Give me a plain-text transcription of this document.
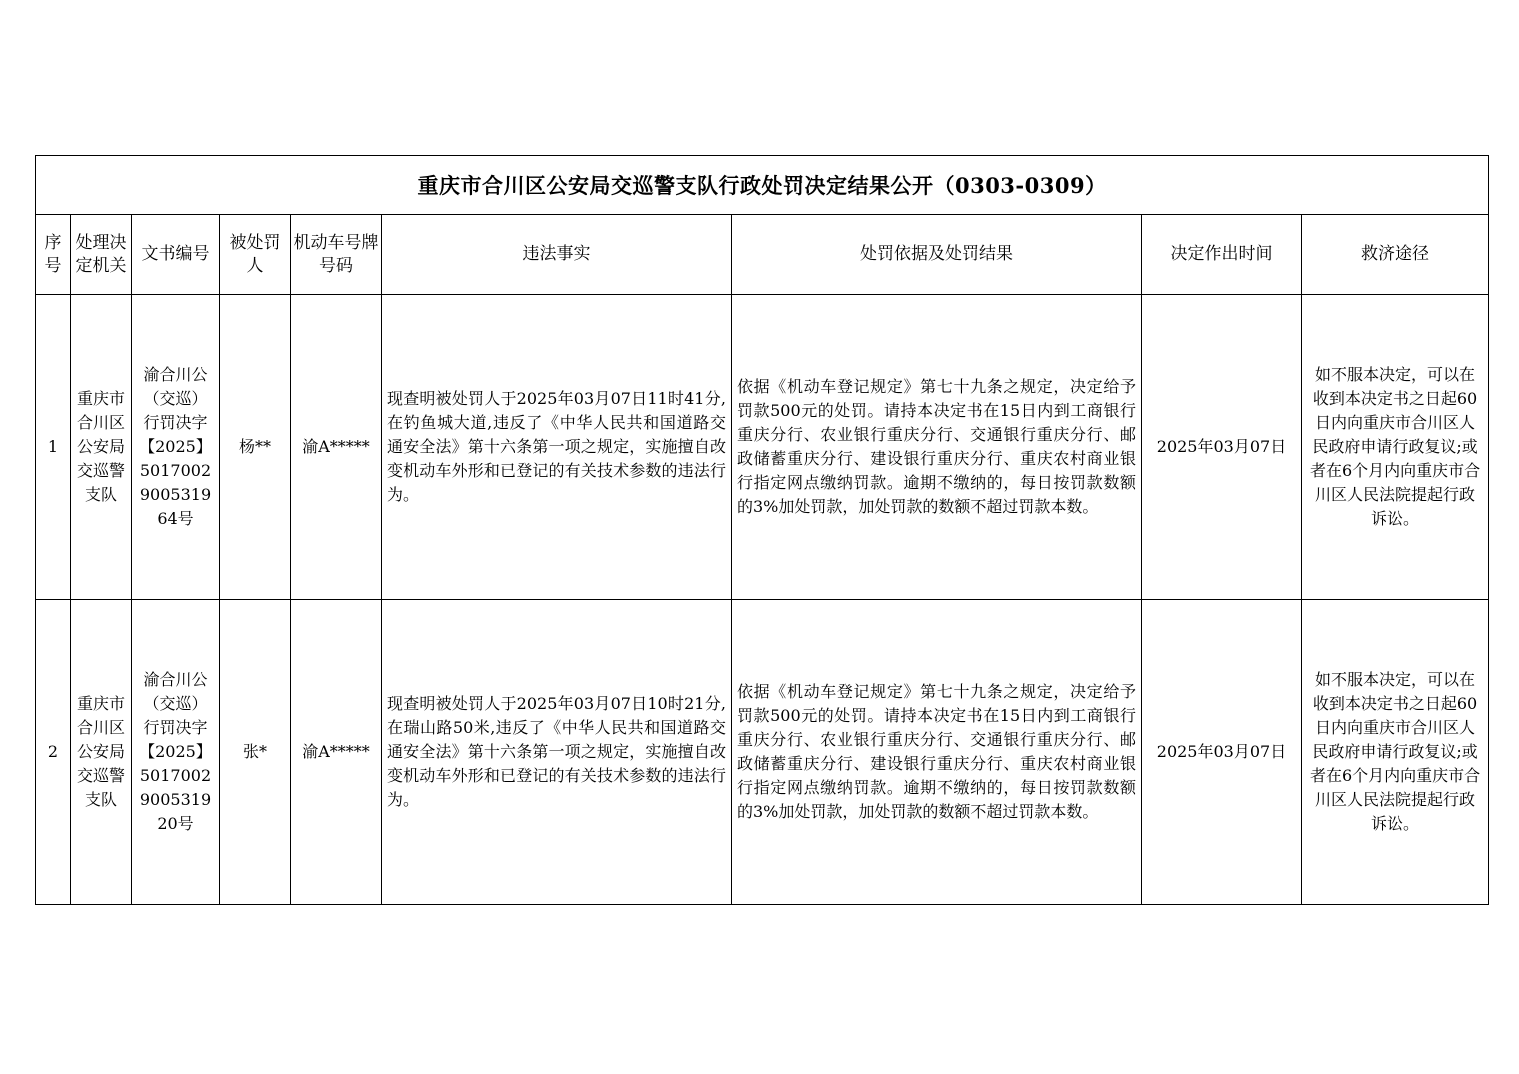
重庆市合川区公安局交巡警支队行政处罚决定结果公开（0303-0309）								
序号	处理决定机关	文书编号	被处罚人	机动车号牌号码	违法事实	处罚依据及处罚结果	决定作出时间	救济途径
1	重庆市合川区公安局交巡警支队	渝合川公（交巡）行罚决字【2025】5017002900531964号	杨**	渝A*****	现查明被处罚人于2025年03月07日11时41分,在钓鱼城大道,违反了《中华人民共和国道路交通安全法》第十六条第一项之规定，实施擅自改变机动车外形和已登记的有关技术参数的违法行为。	依据《机动车登记规定》第七十九条之规定，决定给予罚款500元的处罚。请持本决定书在15日内到工商银行重庆分行、农业银行重庆分行、交通银行重庆分行、邮政储蓄重庆分行、建设银行重庆分行、重庆农村商业银行指定网点缴纳罚款。逾期不缴纳的，每日按罚款数额的3%加处罚款，加处罚款的数额不超过罚款本数。	2025年03月07日	如不服本决定，可以在收到本决定书之日起60日内向重庆市合川区人民政府申请行政复议;或者在6个月内向重庆市合川区人民法院提起行政诉讼。
2	重庆市合川区公安局交巡警支队	渝合川公（交巡）行罚决字【2025】5017002900531920号	张*	渝A*****	现查明被处罚人于2025年03月07日10时21分,在瑞山路50米,违反了《中华人民共和国道路交通安全法》第十六条第一项之规定，实施擅自改变机动车外形和已登记的有关技术参数的违法行为。	依据《机动车登记规定》第七十九条之规定，决定给予罚款500元的处罚。请持本决定书在15日内到工商银行重庆分行、农业银行重庆分行、交通银行重庆分行、邮政储蓄重庆分行、建设银行重庆分行、重庆农村商业银行指定网点缴纳罚款。逾期不缴纳的，每日按罚款数额的3%加处罚款，加处罚款的数额不超过罚款本数。	2025年03月07日	如不服本决定，可以在收到本决定书之日起60日内向重庆市合川区人民政府申请行政复议;或者在6个月内向重庆市合川区人民法院提起行政诉讼。
